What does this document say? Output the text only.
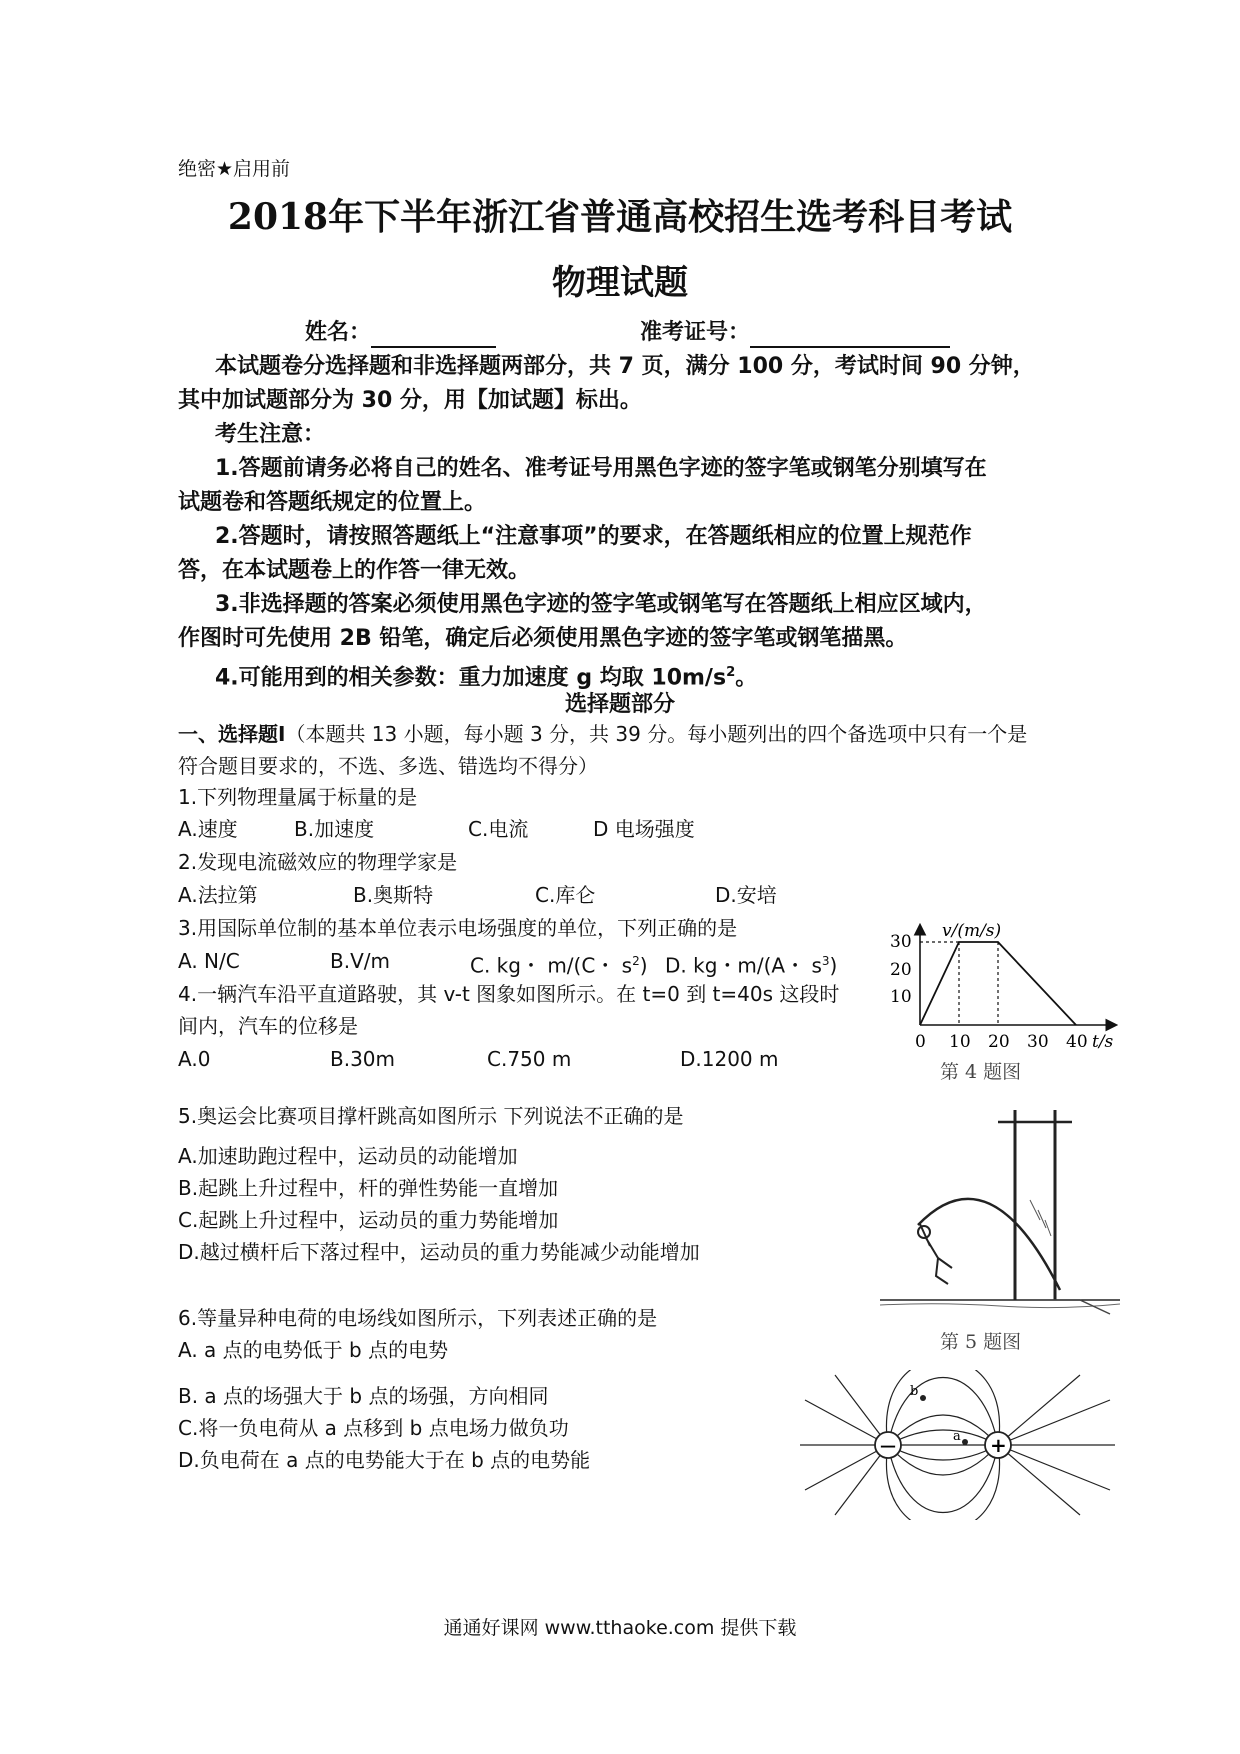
绝密★启用前
2018年下半年浙江省普通高校招生选考科目考试
物理试题
姓名：	准考证号：
本试题卷分选择题和非选择题两部分，共 7 页，满分 100 分，考试时间 90 分钟，
其中加试题部分为 30 分，用【加试题】标出。
考生注意：
1.答题前请务必将自己的姓名、准考证号用黑色字迹的签字笔或钢笔分别填写在
试题卷和答题纸规定的位置上。
2.答题时，请按照答题纸上“注意事项”的要求，在答题纸相应的位置上规范作
答，在本试题卷上的作答一律无效。
3.非选择题的答案必须使用黑色字迹的签字笔或钢笔写在答题纸上相应区域内，
作图时可先使用 2B 铅笔，确定后必须使用黑色字迹的签字笔或钢笔描黑。
4.可能用到的相关参数：重力加速度 g 均取 $10m/s^2$。
选择题部分
一、选择题Ⅰ（本题共 13 小题，每小题 3 分，共 39 分。每小题列出的四个备选项中只有一个是
符合题目要求的，不选、多选、错选均不得分）
1.下列物理量属于标量的是
A.速度	B.加速度	C.电流	D 电场强度
2.发现电流磁效应的物理学家是
A.法拉第	B.奥斯特	C.库仑	D.安培
3.用国际单位制的基本单位表示电场强度的单位，下列正确的是
A. N/C	B.V/m	C. kg・ m/(C・ $s^2$) D. kg・m/(A・ $s^3$)
4.一辆汽车沿平直道路驶，其 v-t 图象如图所示。在 t=0 到 t=40s 这段时
间内，汽车的位移是
A.0	B.30m	C.750 m	D.1200 m
v/(m/s)
30
20
10
0 10 20 30 40 t/s
第 4 题图
5.奥运会比赛项目撑杆跳高如图所示 下列说法不正确的是
A.加速助跑过程中，运动员的动能增加
B.起跳上升过程中，杆的弹性势能一直增加
C.起跳上升过程中，运动员的重力势能增加
D.越过横杆后下落过程中，运动员的重力势能减少动能增加
第 5 题图
6.等量异种电荷的电场线如图所示，下列表述正确的是
A. a 点的电势低于 b 点的电势
B. a 点的场强大于 b 点的场强，方向相同
C.将一负电荷从 a 点移到 b 点电场力做负功
D.负电荷在 a 点的电势能大于在 b 点的电势能
—	+
a
b
通通好课网 www.tthaoke.com 提供下载
